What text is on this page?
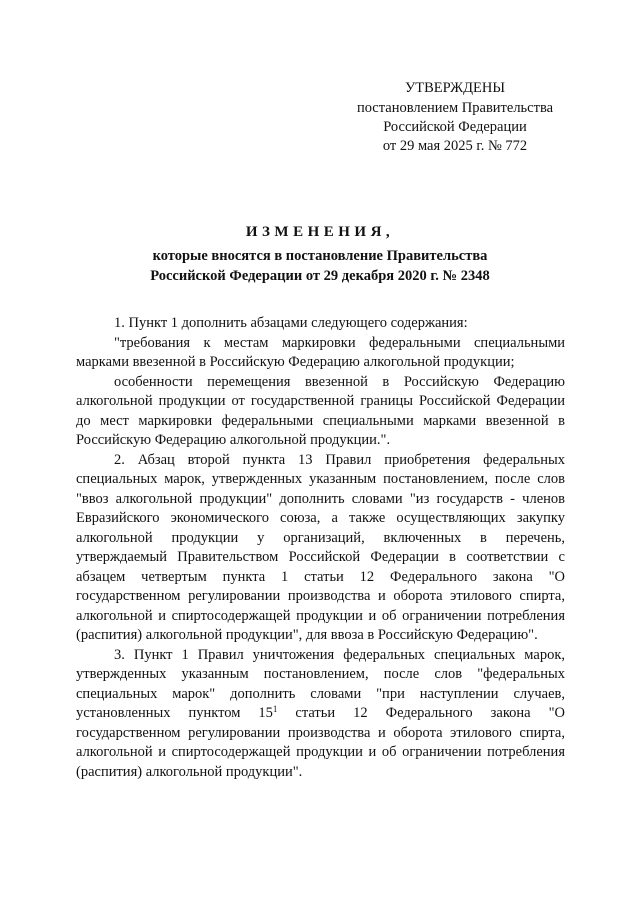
УТВЕРЖДЕНЫ
постановлением Правительства
Российской Федерации
от 29 мая 2025 г. № 772
ИЗМЕНЕНИЯ,
которые вносятся в постановление Правительства
Российской Федерации от 29 декабря 2020 г. № 2348

1. Пункт 1 дополнить абзацами следующего содержания:

"требования к местам маркировки федеральными специальными марками ввезенной в Российскую Федерацию алкогольной продукции;

особенности перемещения ввезенной в Российскую Федерацию алкогольной продукции от государственной границы Российской Федерации до мест маркировки федеральными специальными марками ввезенной в Российскую Федерацию алкогольной продукции.".

2. Абзац второй пункта 13 Правил приобретения федеральных специальных марок, утвержденных указанным постановлением, после слов "ввоз алкогольной продукции" дополнить словами "из государств - членов Евразийского экономического союза, а также осуществляющих закупку алкогольной продукции у организаций, включенных в перечень, утверждаемый Правительством Российской Федерации в соответствии с абзацем четвертым пункта 1 статьи 12 Федерального закона "О государственном регулировании производства и оборота этилового спирта, алкогольной и спиртосодержащей продукции и об ограничении потребления (распития) алкогольной продукции", для ввоза в Российскую Федерацию".

3. Пункт 1 Правил уничтожения федеральных специальных марок, утвержденных указанным постановлением, после слов "федеральных специальных марок" дополнить словами "при наступлении случаев, установленных пунктом $15^1$ статьи 12 Федерального закона "О государственном регулировании производства и оборота этилового спирта, алкогольной и спиртосодержащей продукции и об ограничении потребления (распития) алкогольной продукции".
